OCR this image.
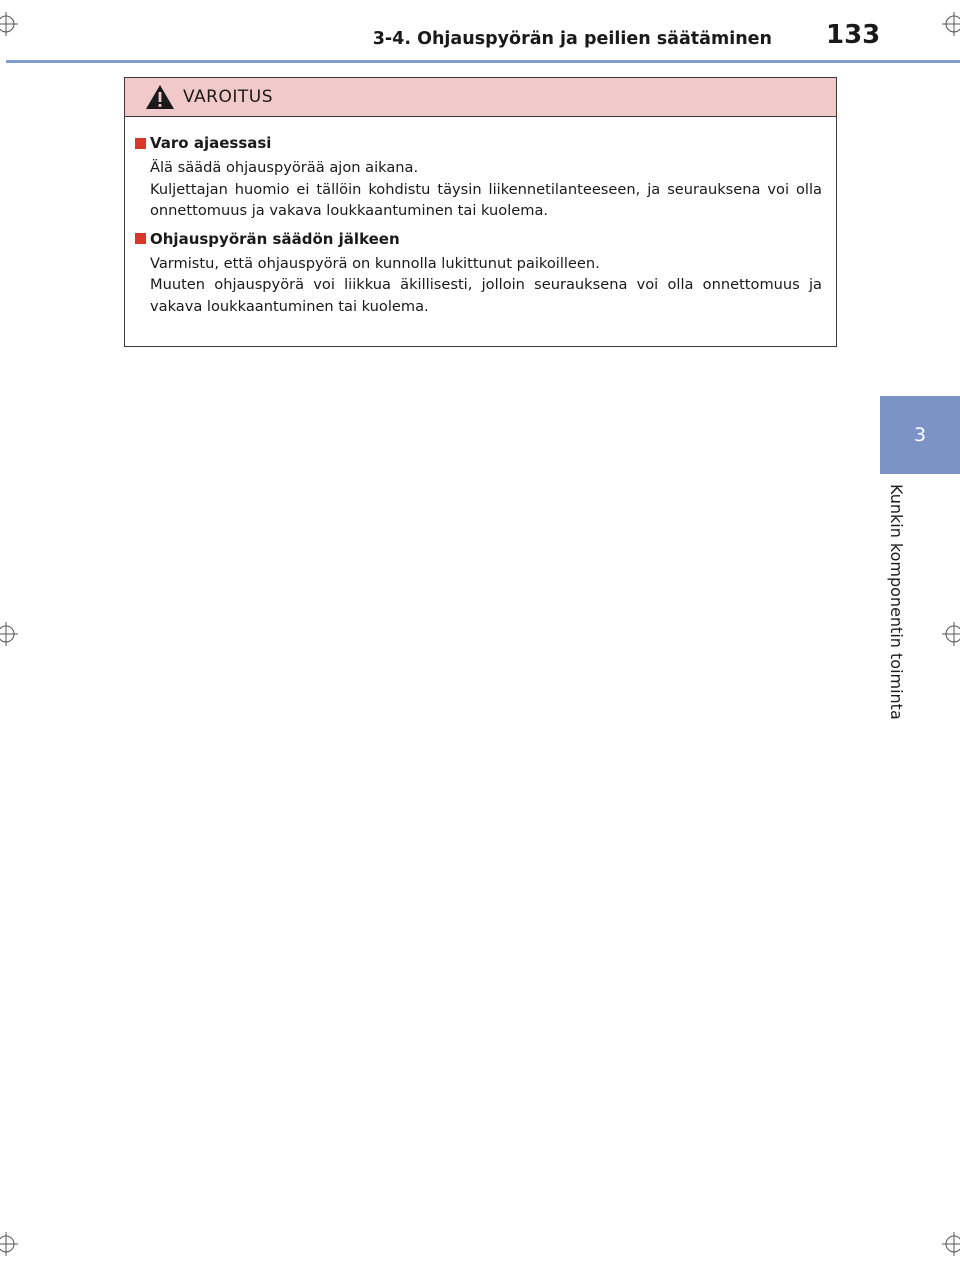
3-4. Ohjauspyörän ja peilien säätäminen 133
3
Kunkin komponentin toiminta
VAROITUS
Varo ajaessasi

Älä säädä ohjauspyörää ajon aikana.

Kuljettajan huomio ei tällöin kohdistu täysin liikennetilanteeseen, ja seurauksena voi olla onnettomuus ja vakava loukkaantuminen tai kuolema.

Ohjauspyörän säädön jälkeen

Varmistu, että ohjauspyörä on kunnolla lukittunut paikoilleen.

Muuten ohjauspyörä voi liikkua äkillisesti, jolloin seurauksena voi olla onnettomuus ja vakava loukkaantuminen tai kuolema.
